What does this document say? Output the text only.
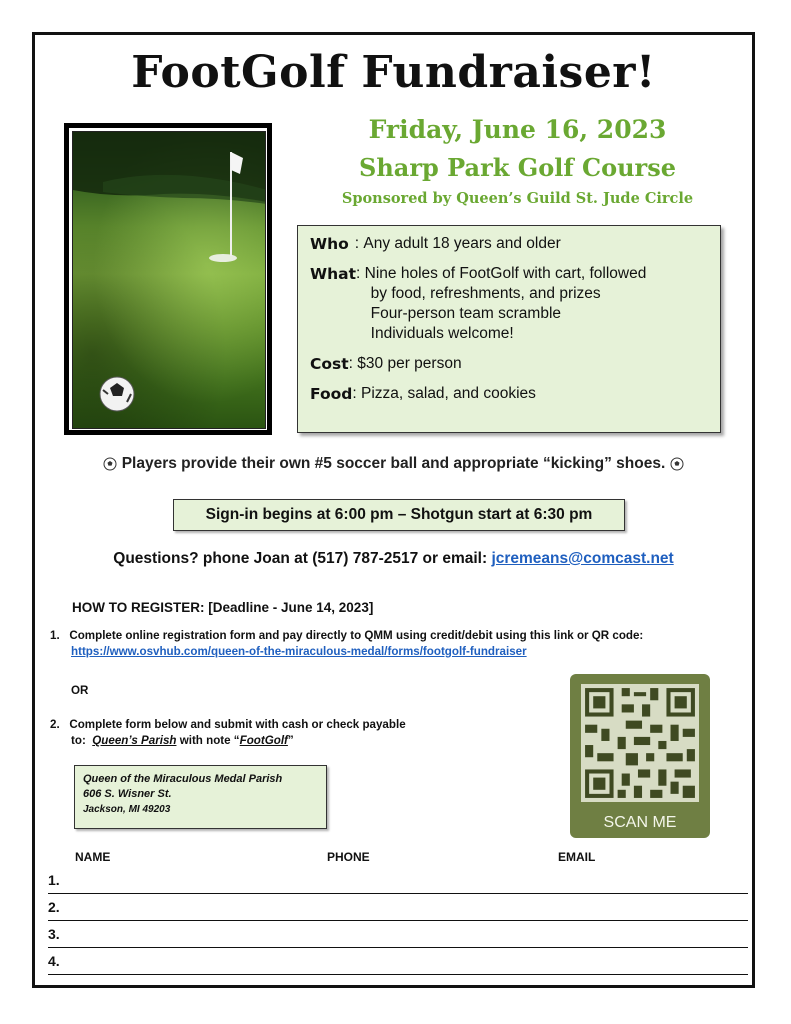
FootGolf Fundraiser!
Friday, June 16, 2023
Sharp Park Golf Course
Sponsored by Queen’s Guild St. Jude Circle
Who : Any adult 18 years and older
What : Nine holes of FootGolf with cart, followed
by food, refreshments, and prizes
Four-person team scramble
Individuals welcome!
Cost : $30 per person
Food : Pizza, salad, and cookies
Players provide their own #5 soccer ball and appropriate “kicking” shoes.
Sign-in begins at 6:00 pm – Shotgun start at 6:30 pm
Questions? phone Joan at (517) 787-2517 or email: jcremeans@comcast.net
HOW TO REGISTER: [Deadline - June 14, 2023]
1. Complete online registration form and pay directly to QMM using credit/debit using this link or QR code:
https://www.osvhub.com/queen-of-the-miraculous-medal/forms/footgolf-fundraiser
OR
2. Complete form below and submit with cash or check payable
to: Queen’s Parish with note “FootGolf”
Queen of the Miraculous Medal Parish
606 S. Wisner St.
Jackson, MI 49203
SCAN ME
NAME	PHONE	EMAIL
1.
2.
3.
4.
